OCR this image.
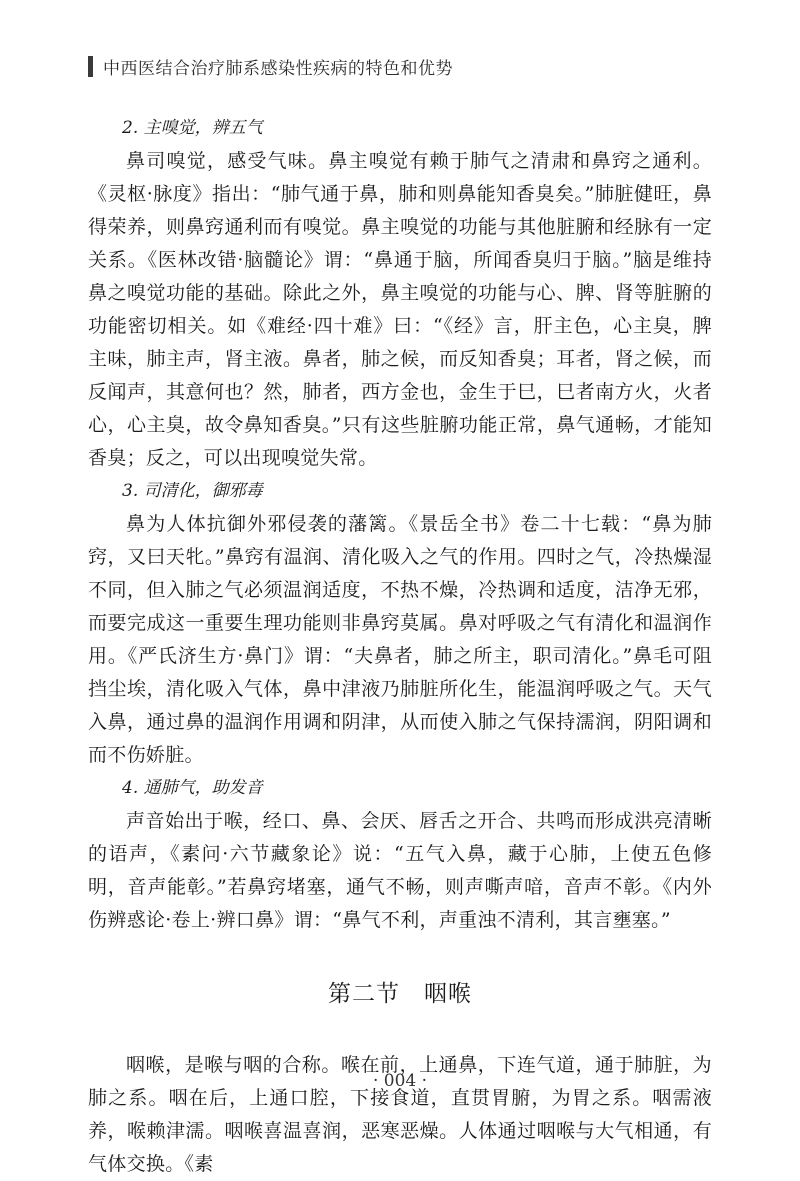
中西医结合治疗肺系感染性疾病的特色和优势
2. 主嗅觉，辨五气

鼻司嗅觉，感受气味。鼻主嗅觉有赖于肺气之清肃和鼻窍之通利。《灵枢·脉度》指出：“肺气通于鼻，肺和则鼻能知香臭矣。”肺脏健旺，鼻得荣养，则鼻窍通利而有嗅觉。鼻主嗅觉的功能与其他脏腑和经脉有一定关系。《医林改错·脑髓论》谓：“鼻通于脑，所闻香臭归于脑。”脑是维持鼻之嗅觉功能的基础。除此之外，鼻主嗅觉的功能与心、脾、肾等脏腑的功能密切相关。如《难经·四十难》曰：“《经》言，肝主色，心主臭，脾主味，肺主声，肾主液。鼻者，肺之候，而反知香臭；耳者，肾之候，而反闻声，其意何也？然，肺者，西方金也，金生于巳，巳者南方火，火者心，心主臭，故令鼻知香臭。”只有这些脏腑功能正常，鼻气通畅，才能知香臭；反之，可以出现嗅觉失常。

3. 司清化，御邪毒

鼻为人体抗御外邪侵袭的藩篱。《景岳全书》卷二十七载：“鼻为肺窍，又曰天牝。”鼻窍有温润、清化吸入之气的作用。四时之气，冷热燥湿不同，但入肺之气必须温润适度，不热不燥，冷热调和适度，洁净无邪，而要完成这一重要生理功能则非鼻窍莫属。鼻对呼吸之气有清化和温润作用。《严氏济生方·鼻门》谓：“夫鼻者，肺之所主，职司清化。”鼻毛可阻挡尘埃，清化吸入气体，鼻中津液乃肺脏所化生，能温润呼吸之气。天气入鼻，通过鼻的温润作用调和阴津，从而使入肺之气保持濡润，阴阳调和而不伤娇脏。

4. 通肺气，助发音

声音始出于喉，经口、鼻、会厌、唇舌之开合、共鸣而形成洪亮清晰的语声，《素问·六节藏象论》说：“五气入鼻，藏于心肺，上使五色修明，音声能彰。”若鼻窍堵塞，通气不畅，则声嘶声喑，音声不彰。《内外伤辨惑论·卷上·辨口鼻》谓：“鼻气不利，声重浊不清利，其言壅塞。”

第二节　咽喉

咽喉，是喉与咽的合称。喉在前，上通鼻，下连气道，通于肺脏，为肺之系。咽在后，上通口腔，下接食道，直贯胃腑，为胃之系。咽需液养，喉赖津濡。咽喉喜温喜润，恶寒恶燥。人体通过咽喉与大气相通，有气体交换。《素

· 004 ·
